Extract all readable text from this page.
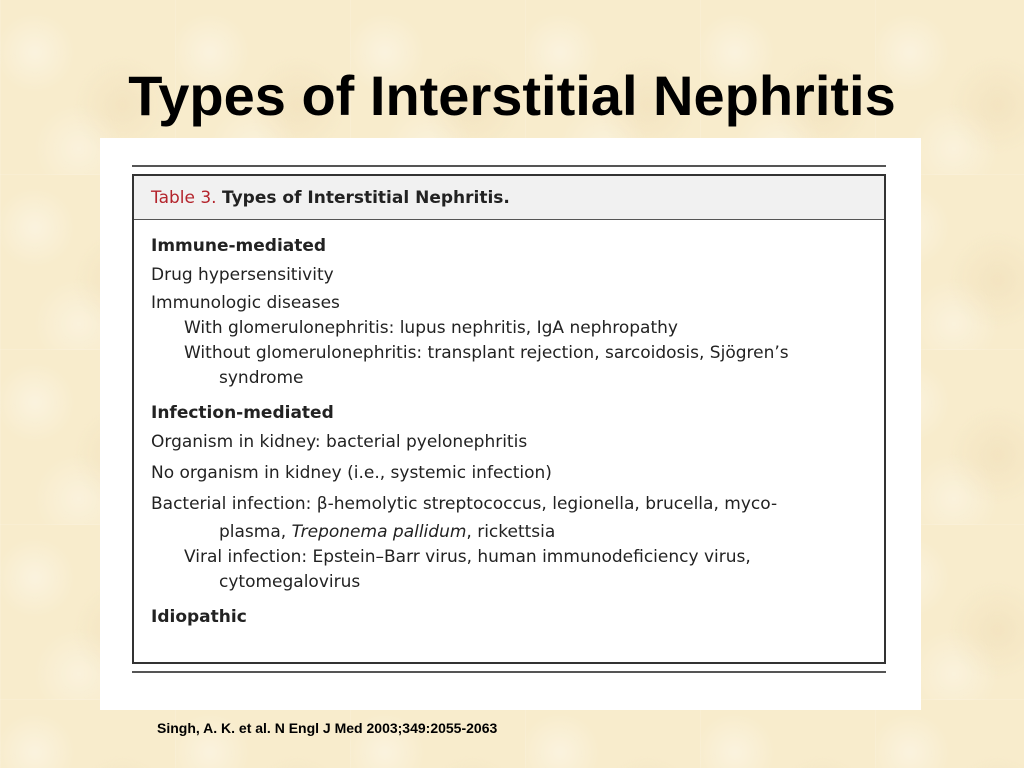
Types of Interstitial Nephritis
Table 3. Types of Interstitial Nephritis.

Immune-mediated

Drug hypersensitivity

Immunologic diseases

With glomerulonephritis: lupus nephritis, IgA nephropathy

Without glomerulonephritis: transplant rejection, sarcoidosis, Sjögren’s

syndrome

Infection-mediated

Organism in kidney: bacterial pyelonephritis

No organism in kidney (i.e., systemic infection)

Bacterial infection: β-hemolytic streptococcus, legionella, brucella, myco-

plasma, Treponema pallidum, rickettsia

Viral infection: Epstein–Barr virus, human immunodeficiency virus,

cytomegalovirus

Idiopathic

Singh, A. K. et al. N Engl J Med 2003;349:2055-2063
